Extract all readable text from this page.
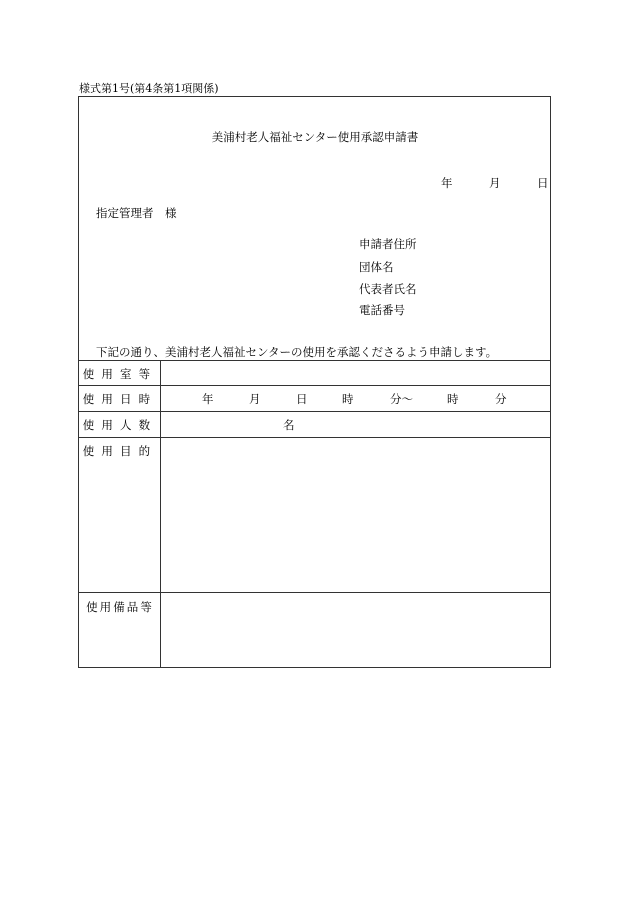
様式第1号(第4条第1項関係)
美浦村老人福祉センター使用承認申請書
年	月	日
指定管理者　様
申請者住所
団体名
代表者氏名
電話番号
下記の通り、美浦村老人福祉センターの使用を承認くださるよう申請します。
使用室等
使用日時	年	月	日	時	分〜	時	分
使用人数	名
使用目的
使用備品等
